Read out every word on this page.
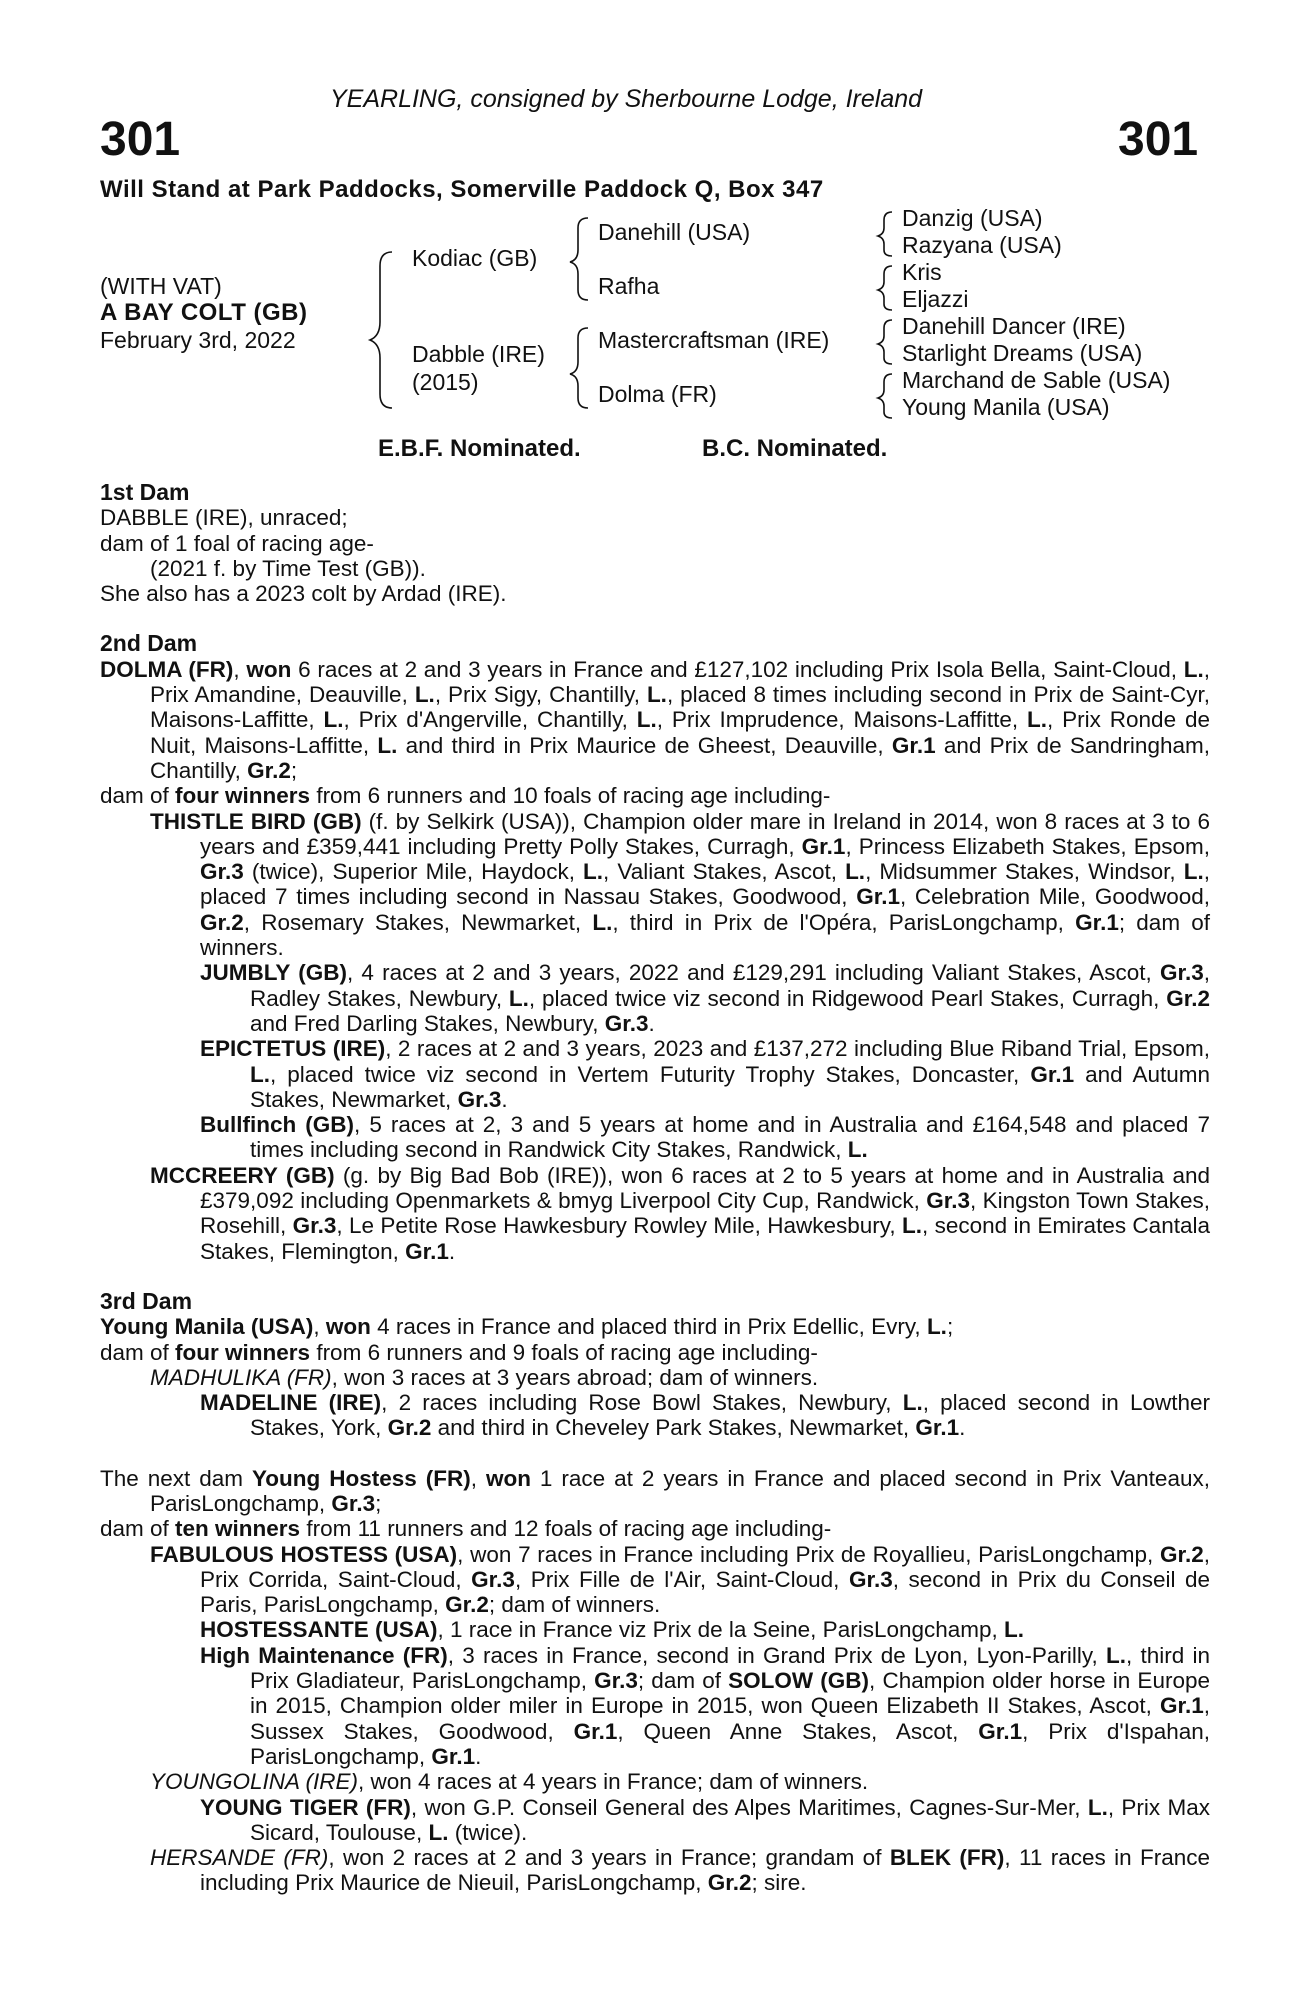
YEARLING, consigned by Sherbourne Lodge, Ireland
301	301
Will Stand at Park Paddocks, Somerville Paddock Q, Box 347
(WITH VAT)
A BAY COLT (GB)
February 3rd, 2022
Kodiac (GB)
Dabble (IRE)
(2015)
Danehill (USA)
Rafha
Mastercraftsman (IRE)
Dolma (FR)
Danzig (USA)
Razyana (USA)
Kris
Eljazzi
Danehill Dancer (IRE)
Starlight Dreams (USA)
Marchand de Sable (USA)
Young Manila (USA)
E.B.F. Nominated.	B.C. Nominated.
1st Dam

DABBLE (IRE), unraced;

dam of 1 foal of racing age-

(2021 f. by Time Test (GB)).

She also has a 2023 colt by Ardad (IRE).

2nd Dam

DOLMA (FR), won 6 races at 2 and 3 years in France and £127,102 including Prix Isola Bella, Saint-Cloud, L., Prix Amandine, Deauville, L., Prix Sigy, Chantilly, L., placed 8 times including second in Prix de Saint-Cyr, Maisons-Laffitte, L., Prix d'Angerville, Chantilly, L., Prix Imprudence, Maisons-Laffitte, L., Prix Ronde de Nuit, Maisons-Laffitte, L. and third in Prix Maurice de Gheest, Deauville, Gr.1 and Prix de Sandringham, Chantilly, Gr.2;

dam of four winners from 6 runners and 10 foals of racing age including-

THISTLE BIRD (GB) (f. by Selkirk (USA)), Champion older mare in Ireland in 2014, won 8 races at 3 to 6 years and £359,441 including Pretty Polly Stakes, Curragh, Gr.1, Princess Elizabeth Stakes, Epsom, Gr.3 (twice), Superior Mile, Haydock, L., Valiant Stakes, Ascot, L., Midsummer Stakes, Windsor, L., placed 7 times including second in Nassau Stakes, Goodwood, Gr.1, Celebration Mile, Goodwood, Gr.2, Rosemary Stakes, Newmarket, L., third in Prix de l'Opéra, ParisLongchamp, Gr.1; dam of winners.

JUMBLY (GB), 4 races at 2 and 3 years, 2022 and £129,291 including Valiant Stakes, Ascot, Gr.3, Radley Stakes, Newbury, L., placed twice viz second in Ridgewood Pearl Stakes, Curragh, Gr.2 and Fred Darling Stakes, Newbury, Gr.3.

EPICTETUS (IRE), 2 races at 2 and 3 years, 2023 and £137,272 including Blue Riband Trial, Epsom, L., placed twice viz second in Vertem Futurity Trophy Stakes, Doncaster, Gr.1 and Autumn Stakes, Newmarket, Gr.3.

Bullfinch (GB), 5 races at 2, 3 and 5 years at home and in Australia and £164,548 and placed 7 times including second in Randwick City Stakes, Randwick, L.

MCCREERY (GB) (g. by Big Bad Bob (IRE)), won 6 races at 2 to 5 years at home and in Australia and £379,092 including Openmarkets & bmyg Liverpool City Cup, Randwick, Gr.3, Kingston Town Stakes, Rosehill, Gr.3, Le Petite Rose Hawkesbury Rowley Mile, Hawkesbury, L., second in Emirates Cantala Stakes, Flemington, Gr.1.

3rd Dam

Young Manila (USA), won 4 races in France and placed third in Prix Edellic, Evry, L.;

dam of four winners from 6 runners and 9 foals of racing age including-

MADHULIKA (FR), won 3 races at 3 years abroad; dam of winners.

MADELINE (IRE), 2 races including Rose Bowl Stakes, Newbury, L., placed second in Lowther Stakes, York, Gr.2 and third in Cheveley Park Stakes, Newmarket, Gr.1.

The next dam Young Hostess (FR), won 1 race at 2 years in France and placed second in Prix Vanteaux, ParisLongchamp, Gr.3;

dam of ten winners from 11 runners and 12 foals of racing age including-

FABULOUS HOSTESS (USA), won 7 races in France including Prix de Royallieu, ParisLongchamp, Gr.2, Prix Corrida, Saint-Cloud, Gr.3, Prix Fille de l'Air, Saint-Cloud, Gr.3, second in Prix du Conseil de Paris, ParisLongchamp, Gr.2; dam of winners.

HOSTESSANTE (USA), 1 race in France viz Prix de la Seine, ParisLongchamp, L.

High Maintenance (FR), 3 races in France, second in Grand Prix de Lyon, Lyon-Parilly, L., third in Prix Gladiateur, ParisLongchamp, Gr.3; dam of SOLOW (GB), Champion older horse in Europe in 2015, Champion older miler in Europe in 2015, won Queen Elizabeth II Stakes, Ascot, Gr.1, Sussex Stakes, Goodwood, Gr.1, Queen Anne Stakes, Ascot, Gr.1, Prix d'Ispahan, ParisLongchamp, Gr.1.

YOUNGOLINA (IRE), won 4 races at 4 years in France; dam of winners.

YOUNG TIGER (FR), won G.P. Conseil General des Alpes Maritimes, Cagnes-Sur-Mer, L., Prix Max Sicard, Toulouse, L. (twice).

HERSANDE (FR), won 2 races at 2 and 3 years in France; grandam of BLEK (FR), 11 races in France including Prix Maurice de Nieuil, ParisLongchamp, Gr.2; sire.
